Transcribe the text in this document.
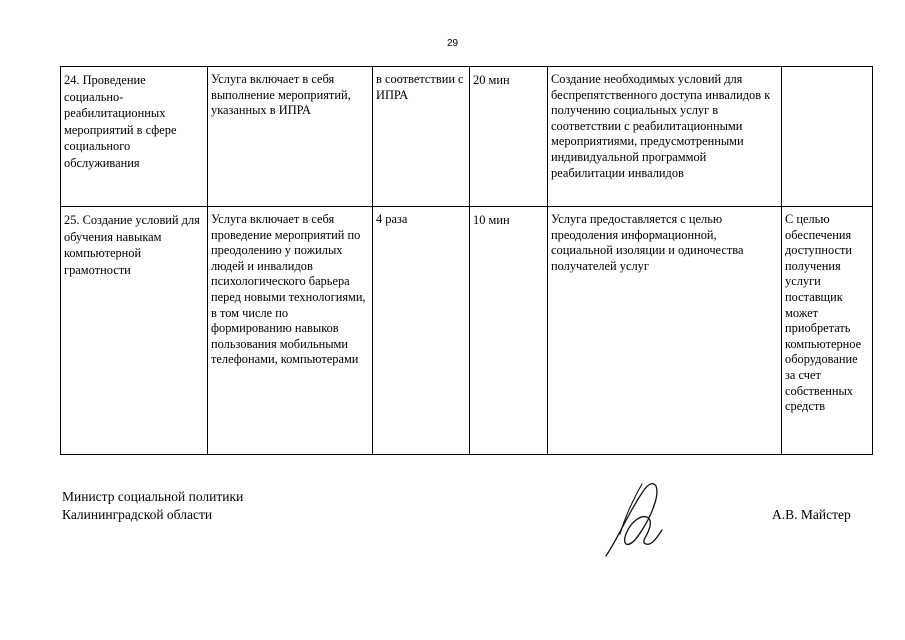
29
24. Проведение социально-реабилитационных мероприятий в сфере социального обслуживания	Услуга включает в себя выполнение мероприятий, указанных в ИПРА	в соответствии с ИПРА	20 мин	Создание необходимых условий для беспрепятственного доступа инвалидов к получению социальных услуг в соответствии с реабилитационными мероприятиями, предусмотренными индивидуальной программой реабилитации инвалидов	
25. Создание условий для обучения навыкам компьютерной грамотности	Услуга включает в себя проведение мероприятий по преодолению у пожилых людей и инвалидов психологического барьера перед новыми технологиями, в том числе по формированию навыков пользования мобильными телефонами, компьютерами	4 раза	10 мин	Услуга предоставляется с целью преодоления информационной, социальной изоляции и одиночества получателей услуг	С целью обеспечения доступности получения услуги поставщик может приобретать компьютерное оборудование за счет собственных средств
Министр социальной политики
Калининградской области	А.В. Майстер
